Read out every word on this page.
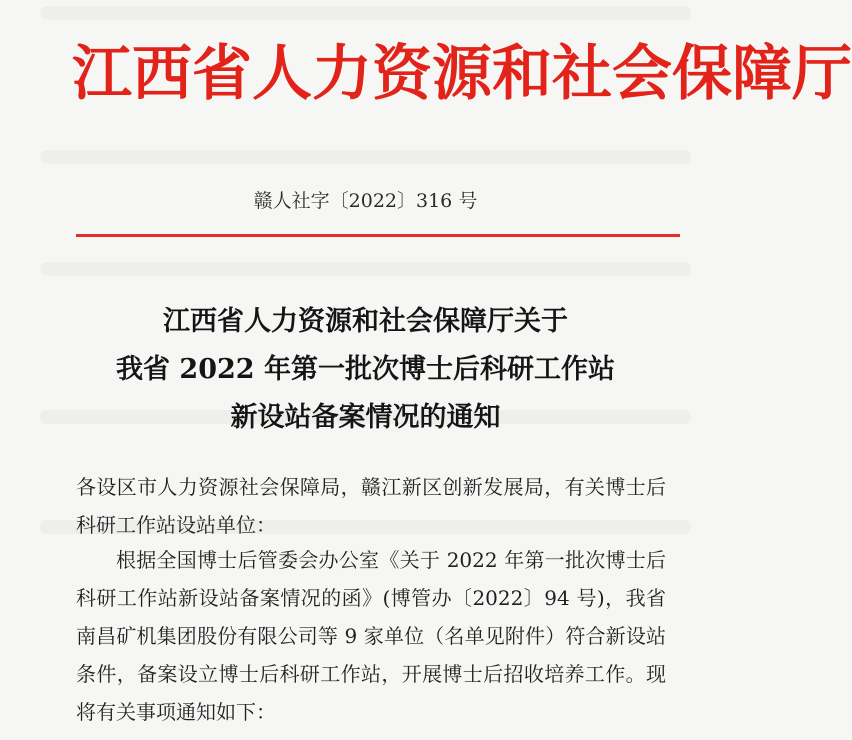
江西省人力资源和社会保障厅
赣人社字〔2022〕316 号
江西省人力资源和社会保障厅关于
我省 2022 年第一批次博士后科研工作站
新设站备案情况的通知
各设区市人力资源社会保障局，赣江新区创新发展局，有关博士后科研工作站设站单位：
根据全国博士后管委会办公室《关于 2022 年第一批次博士后科研工作站新设站备案情况的函》(博管办〔2022〕94 号)，我省南昌矿机集团股份有限公司等 9 家单位（名单见附件）符合新设站条件，备案设立博士后科研工作站，开展博士后招收培养工作。现将有关事项通知如下：
